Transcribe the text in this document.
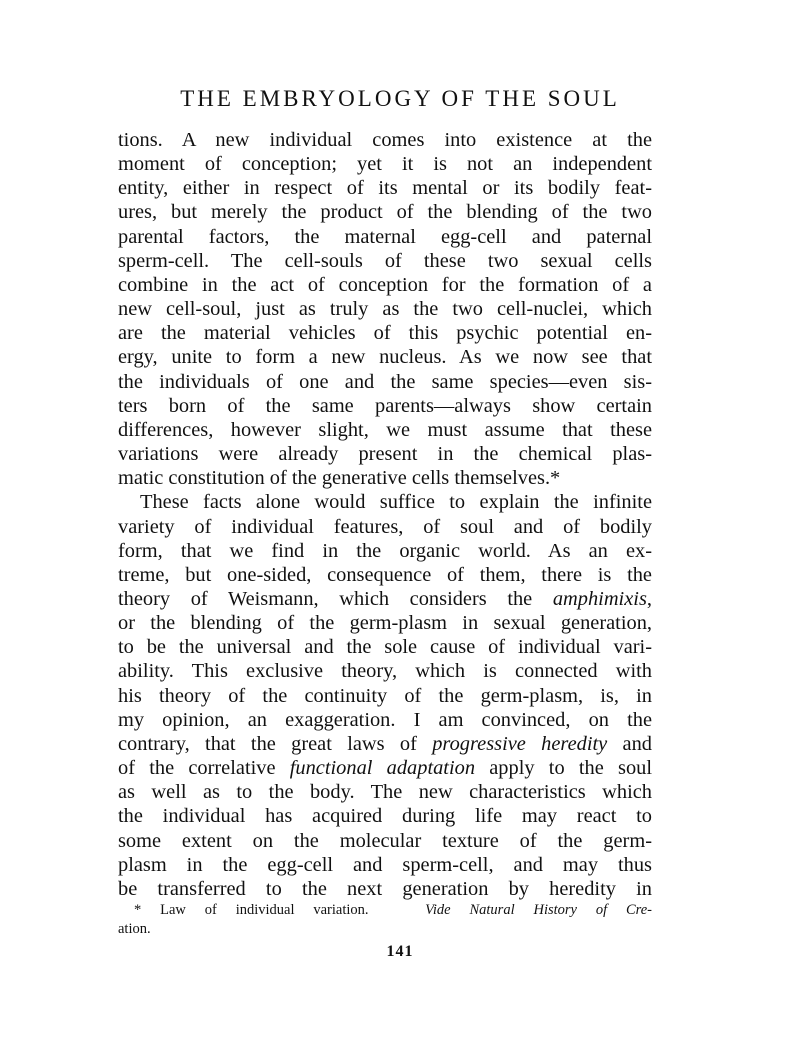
THE EMBRYOLOGY OF THE SOUL
tions. A new individual comes into existence at the
moment of conception; yet it is not an independent
entity, either in respect of its mental or its bodily feat-
ures, but merely the product of the blending of the two
parental factors, the maternal egg-cell and paternal
sperm-cell. The cell-souls of these two sexual cells
combine in the act of conception for the formation of a
new cell-soul, just as truly as the two cell-nuclei, which
are the material vehicles of this psychic potential en-
ergy, unite to form a new nucleus. As we now see that
the individuals of one and the same species—even sis-
ters born of the same parents—always show certain
differences, however slight, we must assume that these
variations were already present in the chemical plas-
matic constitution of the generative cells themselves.*
These facts alone would suffice to explain the infinite
variety of individual features, of soul and of bodily
form, that we find in the organic world. As an ex-
treme, but one-sided, consequence of them, there is the
theory of Weismann, which considers the amphimixis,
or the blending of the germ-plasm in sexual generation,
to be the universal and the sole cause of individual vari-
ability. This exclusive theory, which is connected with
his theory of the continuity of the germ-plasm, is, in
my opinion, an exaggeration. I am convinced, on the
contrary, that the great laws of progressive heredity and
of the correlative functional adaptation apply to the soul
as well as to the body. The new characteristics which
the individual has acquired during life may react to
some extent on the molecular texture of the germ-
plasm in the egg-cell and sperm-cell, and may thus
be transferred to the next generation by heredity in
* Law of individual variation.	Vide Natural History of Cre-
ation.
141
